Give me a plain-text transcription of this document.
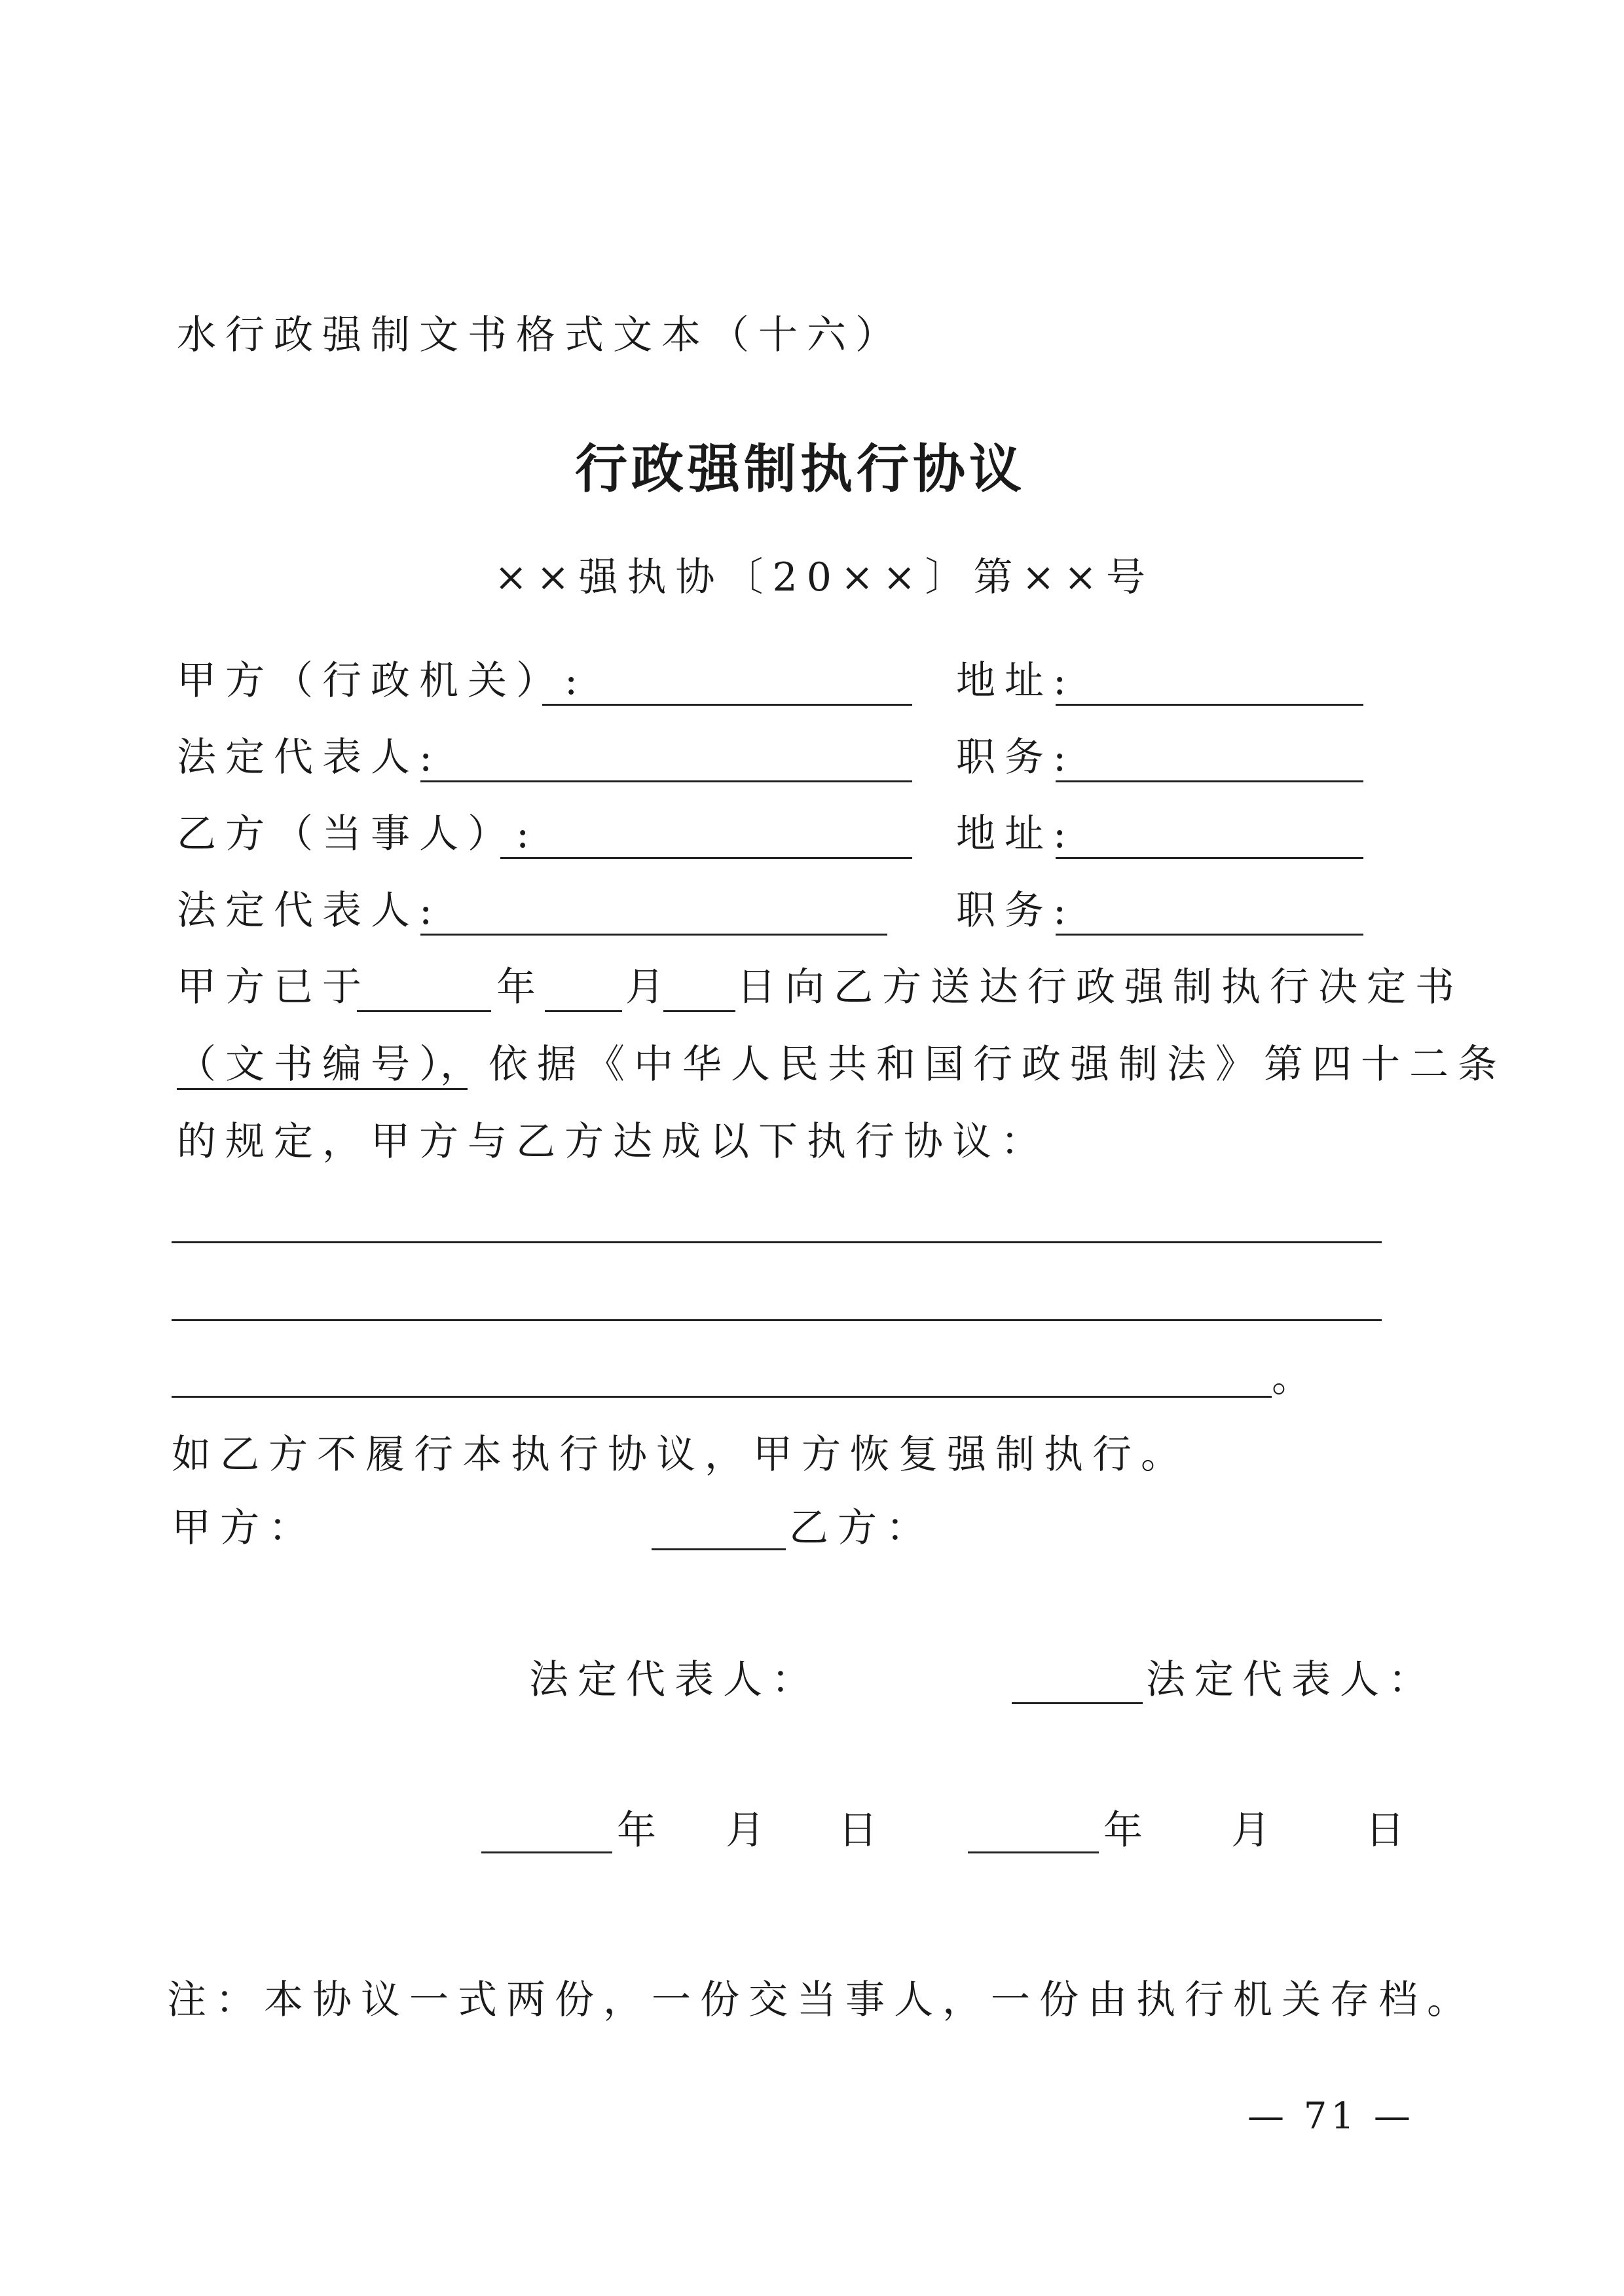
水行政强制文书格式文本（十六）
行政强制执行协议
××强执协〔20××〕第××号
甲方（行政机关）:	地址:
法定代表人:	职务:
乙方（当事人）:	地址:
法定代表人:	职务:
甲方已于	年 月 日向乙方送达行政强制执行决定书
（文书编号）
，依据《中华人民共和国行政强制法》第四十二条
的规定，甲方与乙方达成以下执行协议：
。
如乙方不履行本执行协议，甲方恢复强制执行。
甲方：	乙方：
法定代表人：	法定代表人：
年 月 日	年 月 日
注：本协议一式两份，一份交当事人，一份由执行机关存档。
— 71 —
